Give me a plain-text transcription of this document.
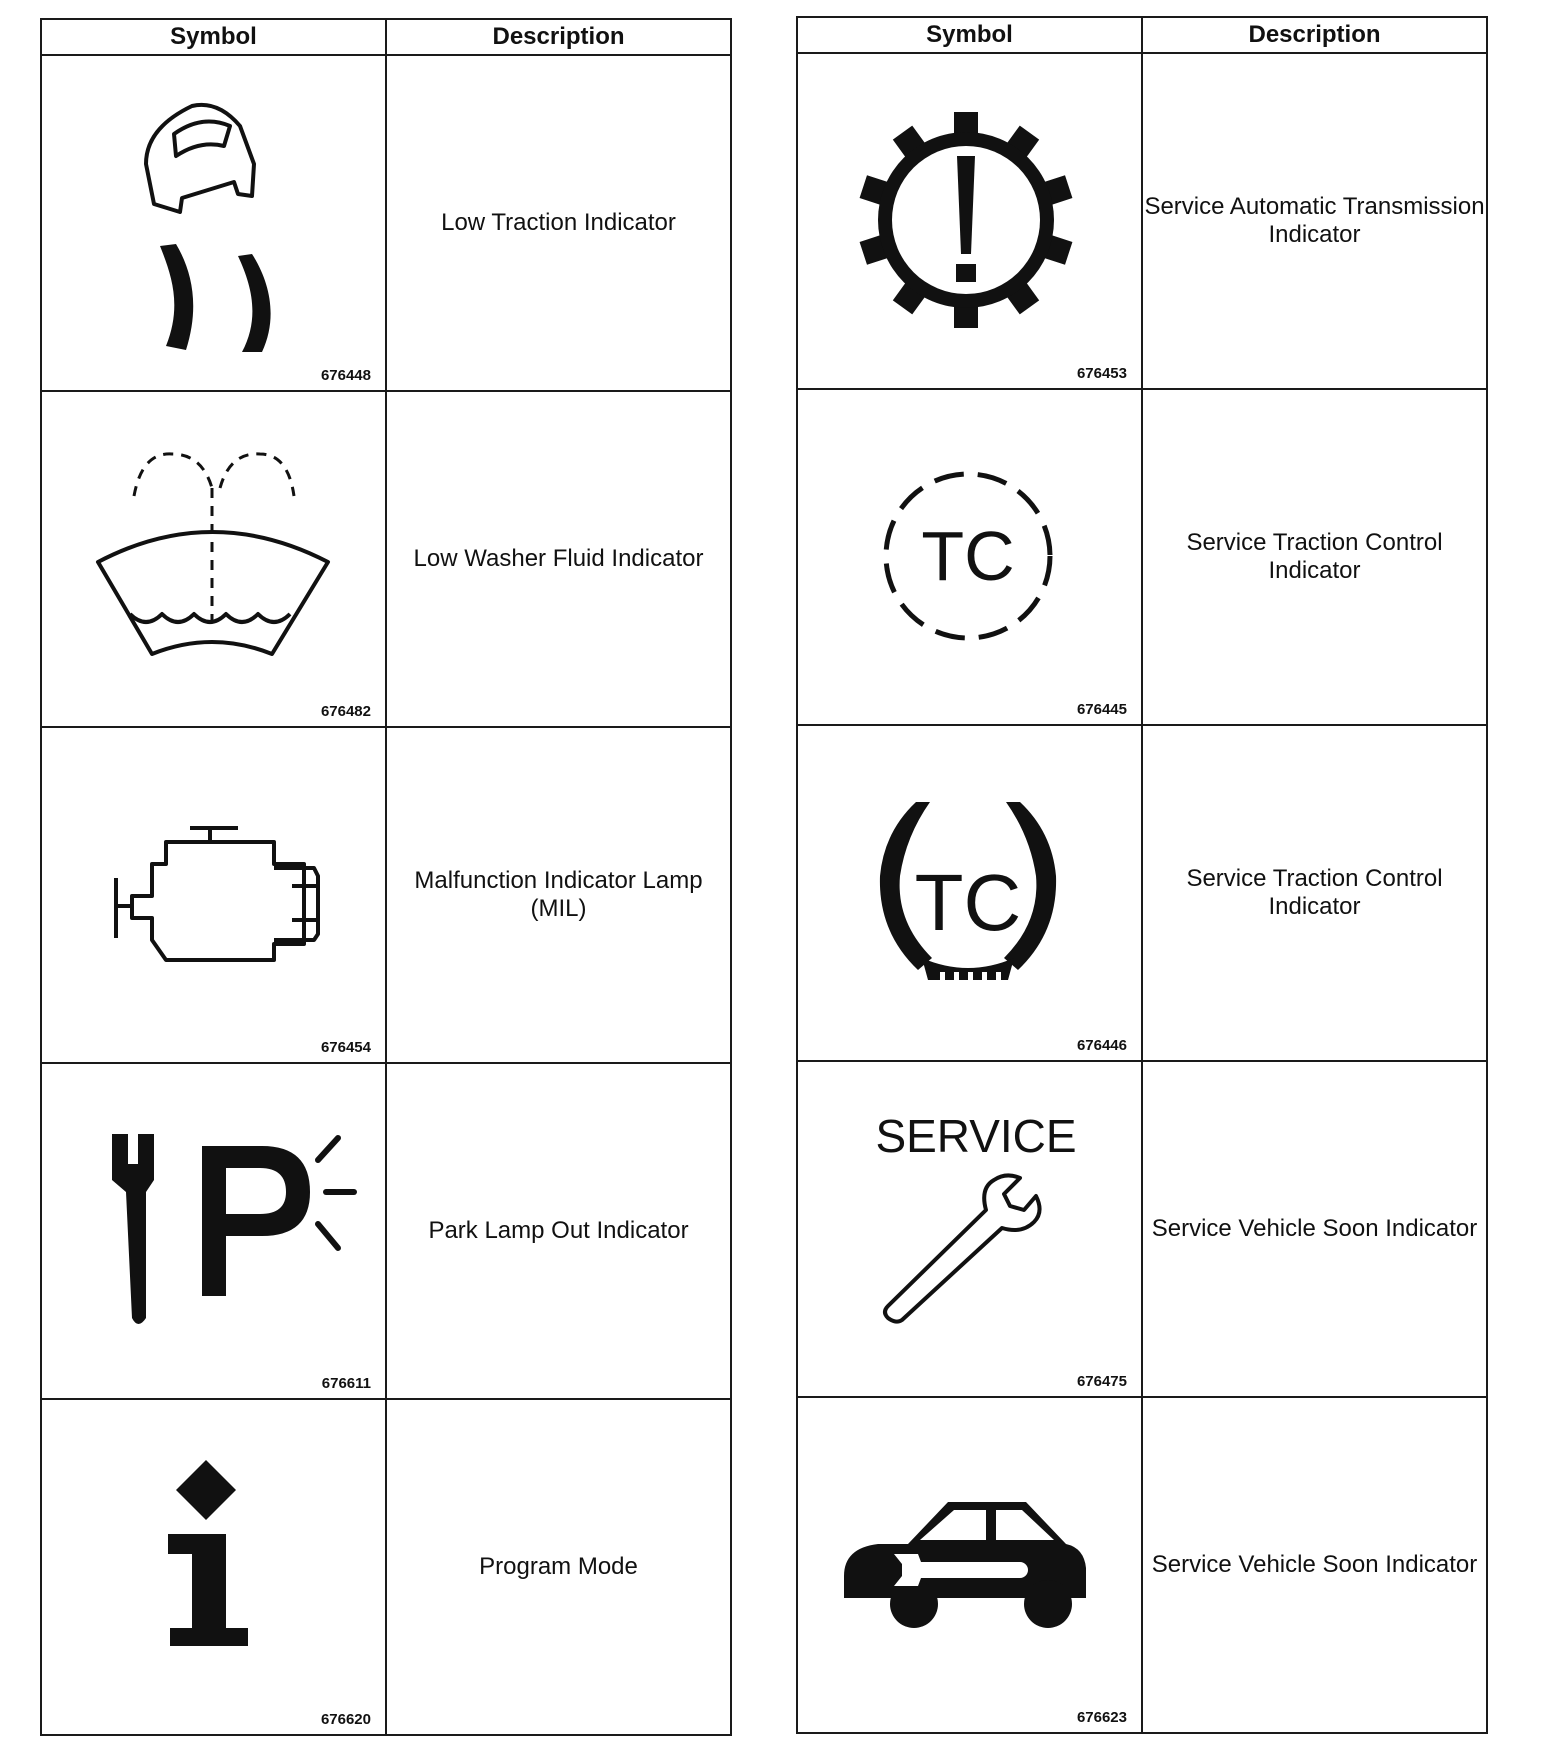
Symbol	Description

676448	Low Traction Indicator

676482	Low Washer Fluid Indicator

676454	Malfunction Indicator Lamp (MIL)

676611	Park Lamp Out Indicator

676620	Program Mode
Symbol	Description

676453	Service Automatic Transmission Indicator

TC
676445	Service Traction Control Indicator

TC
676446	Service Traction Control Indicator

SERVICE
676475	Service Vehicle Soon Indicator

676623	Service Vehicle Soon Indicator
